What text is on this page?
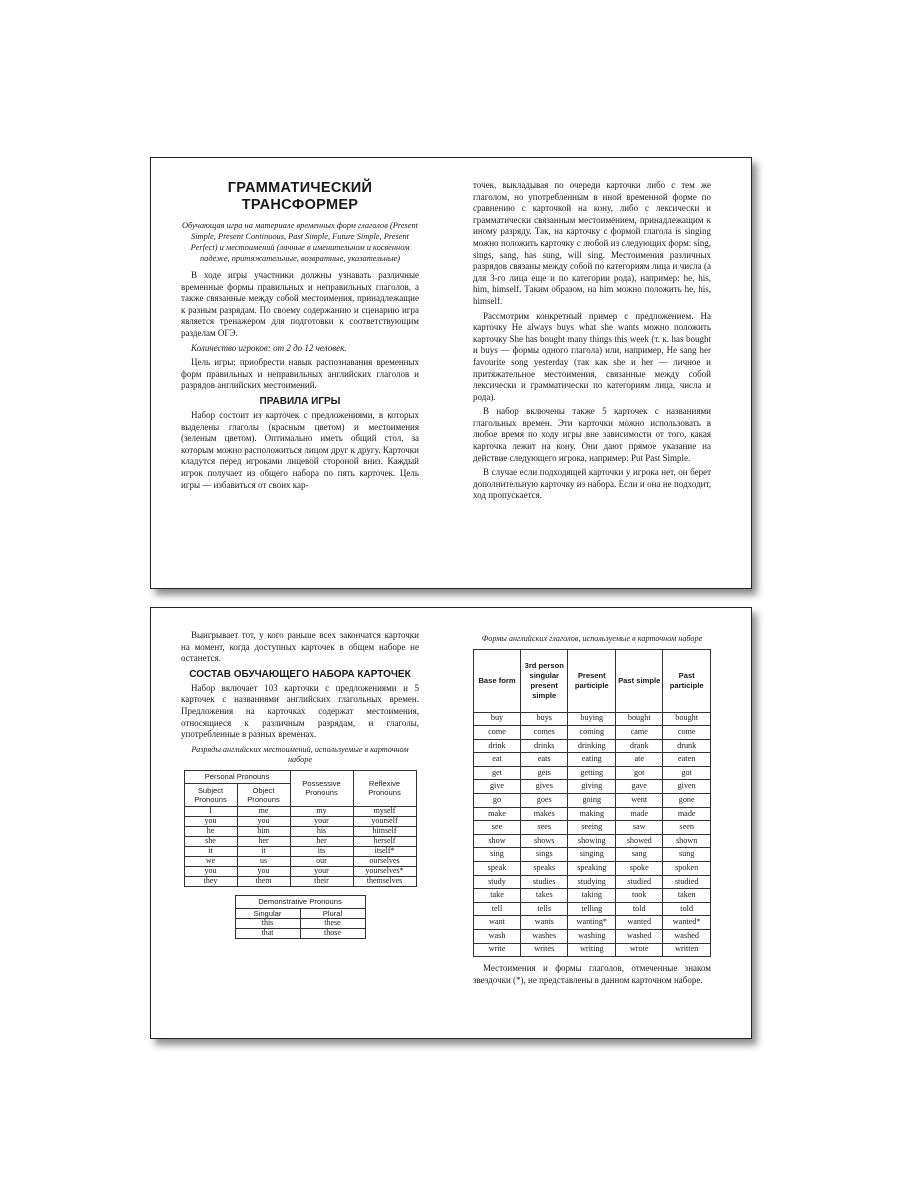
ГРАММАТИЧЕСКИЙ ТРАНСФОРМЕР
Обучающая игра на материале временных форм глаголов (Present Simple, Present Continuous, Past Simple, Future Simple, Present Perfect) и местоимений (личные в именительном и косвенном падеже, притяжательные, возвратные, указательные)

В ходе игры участники должны узнавать различные временные формы правильных и неправильных глаголов, а также связанные между собой местоимения, принадлежащие к разным разрядам. По своему содержанию и сценарию игра является тренажером для подготовки к соответствующим разделам ОГЭ.

Количество игроков: от 2 до 12 человек.

Цель игры: приобрести навык распознавания временных форм правильных и неправильных английских глаголов и разрядов английских местоимений.

ПРАВИЛА ИГРЫ

Набор состоит из карточек с предложениями, в которых выделены глаголы (красным цветом) и местоимения (зеленым цветом). Оптимально иметь общий стол, за которым можно расположиться лицом друг к другу. Карточки кладутся перед игроками лицевой стороной вниз. Каждый игрок получает из общего набора по пять карточек. Цель игры — избавиться от своих кар-

точек, выкладывая по очереди карточки либо с тем же глаголом, но употребленным в иной временной форме по сравнению с карточкой на кону, либо с лексически и грамматически связанным местоимением, принадлежащим к иному разряду. Так, на карточку с формой глагола is singing можно положить карточку с любой из следующих форм: sing, sings, sang, has sung, will sing. Местоимения различных разрядов связаны между собой по категориям лица и числа (а для 3-го лица еще и по категории рода), например: he, his, him, himself. Таким образом, на him можно положить he, his, himself.

Рассмотрим конкретный пример с предложением. На карточку He always buys what she wants можно положить карточку She has bought many things this week (т. к. has bought и buys — формы одного глагола) или, например, He sang her favourite song yesterday (так как she и her — личное и притяжательное местоимения, связанные между собой лексически и грамматически по категориям лица, числа и рода).

В набор включены также 5 карточек с названиями глагольных времен. Эти карточки можно использовать в любое время по ходу игры вне зависимости от того, какая карточка лежит на кону. Они дают прямое указание на действие следующего игрока, например: Put Past Simple.

В случае если подходящей карточки у игрока нет, он берет дополнительную карточку из набора. Если и она не подходит, ход пропускается.

Выигрывает тот, у кого раньше всех закончатся карточки на момент, когда доступных карточек в общем наборе не останется.

СОСТАВ ОБУЧАЮЩЕГО НАБОРА КАРТОЧЕК

Набор включает 103 карточки с предложениями и 5 карточек с названиями английских глагольных времен. Предложения на карточках содержат местоимения, относящиеся к различным разрядам, и глаголы, употребленные в разных временах.

Разряды английских местоимений, используемые в карточном наборе
Personal Pronouns		Possessive Pronouns	Reflexive Pronouns
Subject Pronouns	Object Pronouns		
I	me	my	myself
you	you	your	yourself
he	him	his	himself
she	her	her	herself
it	it	its	itself*
we	us	our	ourselves
you	you	your	yourselves*
they	them	their	themselves
Demonstrative Pronouns	
Singular	Plural
this	these
that	those
Формы английских глаголов, используемые в карточном наборе
Base form	3rd person singular present simple	Present participle	Past simple	Past participle
buy	buys	buying	bought	bought
come	comes	coming	came	come
drink	drinks	drinking	drank	drunk
eat	eats	eating	ate	eaten
get	gets	getting	got	got
give	gives	giving	gave	given
go	goes	going	went	gone
make	makes	making	made	made
see	sees	seeing	saw	seen
show	shows	showing	showed	shown
sing	sings	singing	sang	sung
speak	speaks	speaking	spoke	spoken
study	studies	studying	studied	studied
take	takes	taking	took	taken
tell	tells	telling	told	told
want	wants	wanting*	wanted	wanted*
wash	washes	washing	washed	washed
write	writes	writing	wrote	written

Местоимения и формы глаголов, отмеченные знаком звездочки (*), не представлены в данном карточном наборе.
